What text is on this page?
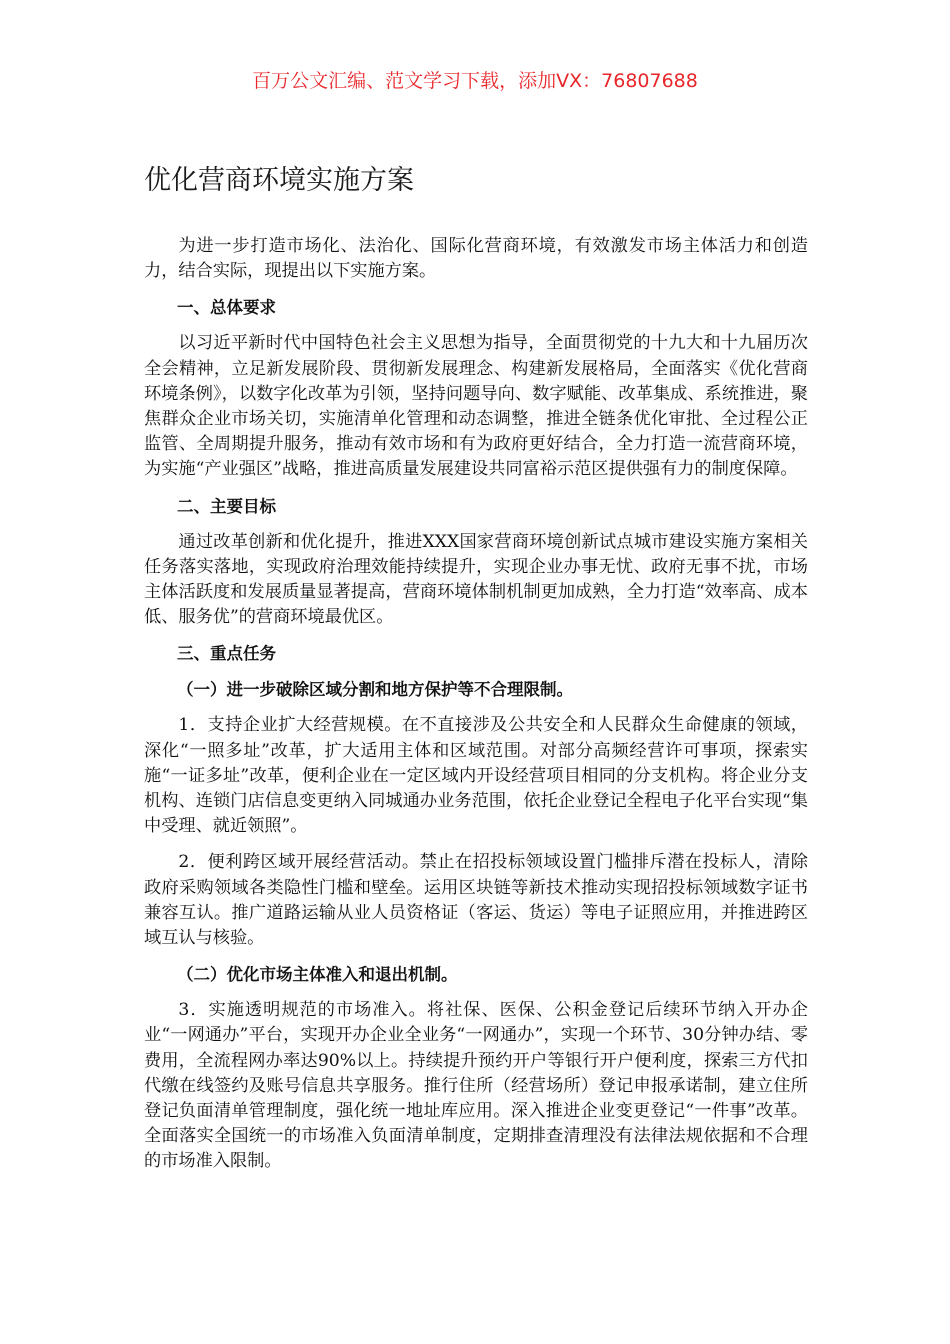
百万公文汇编、范文学习下载，添加VX：76807688
优化营商环境实施方案

为进一步打造市场化、法治化、国际化营商环境，有效激发市场主体活力和创造力，结合实际，现提出以下实施方案。

一、总体要求

以习近平新时代中国特色社会主义思想为指导，全面贯彻党的十九大和十九届历次全会精神，立足新发展阶段、贯彻新发展理念、构建新发展格局，全面落实《优化营商环境条例》，以数字化改革为引领，坚持问题导向、数字赋能、改革集成、系统推进，聚焦群众企业市场关切，实施清单化管理和动态调整，推进全链条优化审批、全过程公正监管、全周期提升服务，推动有效市场和有为政府更好结合，全力打造一流营商环境，为实施“产业强区”战略，推进高质量发展建设共同富裕示范区提供强有力的制度保障。

二、主要目标

通过改革创新和优化提升，推进XXX国家营商环境创新试点城市建设实施方案相关任务落实落地，实现政府治理效能持续提升，实现企业办事无忧、政府无事不扰，市场主体活跃度和发展质量显著提高，营商环境体制机制更加成熟，全力打造“效率高、成本低、服务优”的营商环境最优区。

三、重点任务

（一）进一步破除区域分割和地方保护等不合理限制。

1．支持企业扩大经营规模。在不直接涉及公共安全和人民群众生命健康的领域，深化“一照多址”改革，扩大适用主体和区域范围。对部分高频经营许可事项，探索实施“一证多址”改革，便利企业在一定区域内开设经营项目相同的分支机构。将企业分支机构、连锁门店信息变更纳入同城通办业务范围，依托企业登记全程电子化平台实现“集中受理、就近领照”。

2．便利跨区域开展经营活动。禁止在招投标领域设置门槛排斥潜在投标人，清除政府采购领域各类隐性门槛和壁垒。运用区块链等新技术推动实现招投标领域数字证书兼容互认。推广道路运输从业人员资格证（客运、货运）等电子证照应用，并推进跨区域互认与核验。

（二）优化市场主体准入和退出机制。

3．实施透明规范的市场准入。将社保、医保、公积金登记后续环节纳入开办企业“一网通办”平台，实现开办企业全业务“一网通办”，实现一个环节、30分钟办结、零费用，全流程网办率达90%以上。持续提升预约开户等银行开户便利度，探索三方代扣代缴在线签约及账号信息共享服务。推行住所（经营场所）登记申报承诺制，建立住所登记负面清单管理制度，强化统一地址库应用。深入推进企业变更登记“一件事”改革。全面落实全国统一的市场准入负面清单制度，定期排查清理没有法律法规依据和不合理的市场准入限制。
